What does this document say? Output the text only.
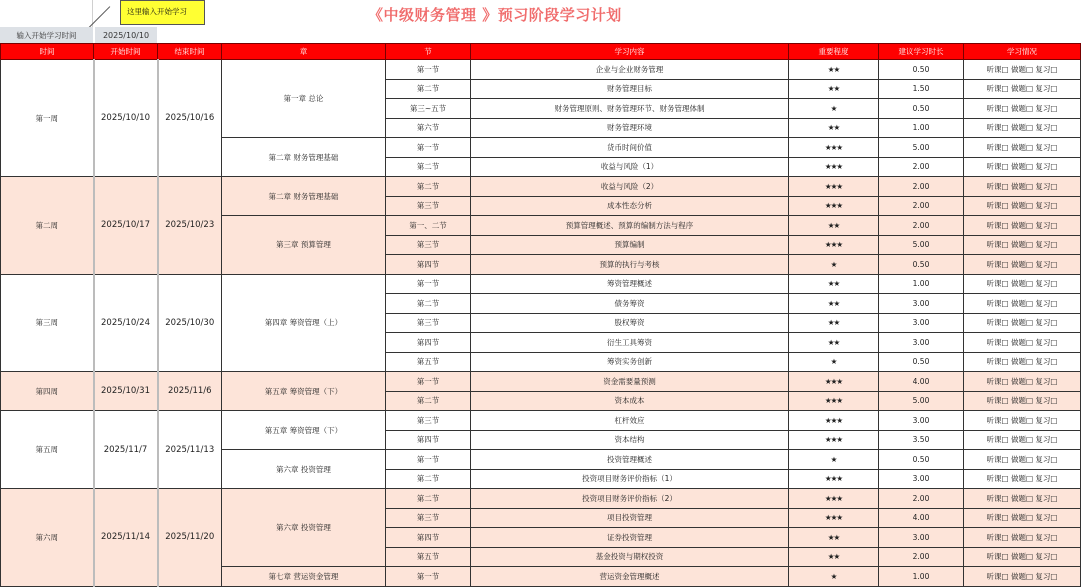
《中级财务管理 》预习阶段学习计划
这里输入开始学习
输入开始学习时间	2025/10/10
时间	开始时间	结束时间	章	节	学习内容	重要程度	建议学习时长	学习情况
第一周	2025/10/10	2025/10/16	第一章 总论	第一节	企业与企业财务管理	★★	0.50	听课□ 做题□ 复习□
				第二节	财务管理目标	★★	1.50	听课□ 做题□ 复习□
				第三~五节	财务管理原则、财务管理环节、财务管理体制	★	0.50	听课□ 做题□ 复习□
				第六节	财务管理环境	★★	1.00	听课□ 做题□ 复习□
			第二章 财务管理基础	第一节	货币时间价值	★★★	5.00	听课□ 做题□ 复习□
				第二节	收益与风险（1）	★★★	2.00	听课□ 做题□ 复习□
第二周	2025/10/17	2025/10/23	第二章 财务管理基础	第二节	收益与风险（2）	★★★	2.00	听课□ 做题□ 复习□
				第三节	成本性态分析	★★★	2.00	听课□ 做题□ 复习□
			第三章 预算管理	第一、二节	预算管理概述、预算的编制方法与程序	★★	2.00	听课□ 做题□ 复习□
				第三节	预算编制	★★★	5.00	听课□ 做题□ 复习□
				第四节	预算的执行与考核	★	0.50	听课□ 做题□ 复习□
第三周	2025/10/24	2025/10/30	第四章 筹资管理（上）	第一节	筹资管理概述	★★	1.00	听课□ 做题□ 复习□
				第二节	债务筹资	★★	3.00	听课□ 做题□ 复习□
				第三节	股权筹资	★★	3.00	听课□ 做题□ 复习□
				第四节	衍生工具筹资	★★	3.00	听课□ 做题□ 复习□
				第五节	筹资实务创新	★	0.50	听课□ 做题□ 复习□
第四周	2025/10/31	2025/11/6	第五章 筹资管理（下）	第一节	资金需要量预测	★★★	4.00	听课□ 做题□ 复习□
				第二节	资本成本	★★★	5.00	听课□ 做题□ 复习□
第五周	2025/11/7	2025/11/13	第五章 筹资管理（下）	第三节	杠杆效应	★★★	3.00	听课□ 做题□ 复习□
				第四节	资本结构	★★★	3.50	听课□ 做题□ 复习□
			第六章 投资管理	第一节	投资管理概述	★	0.50	听课□ 做题□ 复习□
				第二节	投资项目财务评价指标（1）	★★★	3.00	听课□ 做题□ 复习□
第六周	2025/11/14	2025/11/20	第六章 投资管理	第二节	投资项目财务评价指标（2）	★★★	2.00	听课□ 做题□ 复习□
				第三节	项目投资管理	★★★	4.00	听课□ 做题□ 复习□
				第四节	证券投资管理	★★	3.00	听课□ 做题□ 复习□
				第五节	基金投资与期权投资	★★	2.00	听课□ 做题□ 复习□
			第七章 营运资金管理	第一节	营运资金管理概述	★	1.00	听课□ 做题□ 复习□
